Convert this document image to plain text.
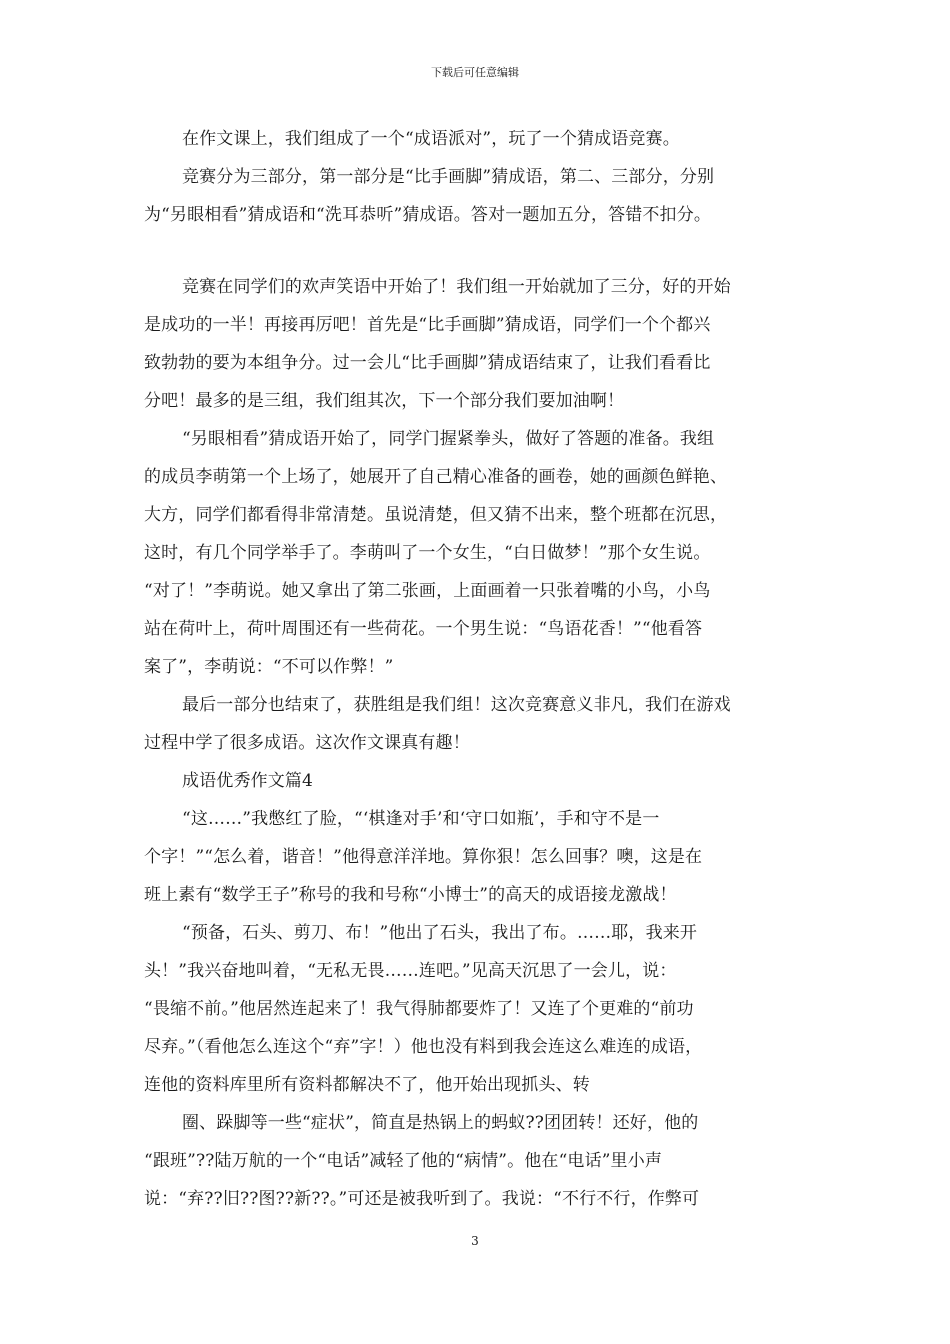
下载后可任意编辑
在作文课上，我们组成了一个“成语派对”，玩了一个猜成语竞赛。
竞赛分为三部分，第一部分是“比手画脚”猜成语，第二、三部分，分别
为“另眼相看”猜成语和“洗耳恭听”猜成语。答对一题加五分，答错不扣分。
竞赛在同学们的欢声笑语中开始了！我们组一开始就加了三分，好的开始
是成功的一半！再接再厉吧！首先是“比手画脚”猜成语，同学们一个个都兴
致勃勃的要为本组争分。过一会儿“比手画脚”猜成语结束了，让我们看看比
分吧！最多的是三组，我们组其次，下一个部分我们要加油啊！
“另眼相看”猜成语开始了，同学门握紧拳头，做好了答题的准备。我组
的成员李萌第一个上场了，她展开了自己精心准备的画卷，她的画颜色鲜艳、
大方，同学们都看得非常清楚。虽说清楚，但又猜不出来，整个班都在沉思，
这时，有几个同学举手了。李萌叫了一个女生，“白日做梦！”那个女生说。
“对了！”李萌说。她又拿出了第二张画，上面画着一只张着嘴的小鸟，小鸟
站在荷叶上，荷叶周围还有一些荷花。一个男生说：“鸟语花香！”“他看答
案了”，李萌说：“不可以作弊！”
最后一部分也结束了，获胜组是我们组！这次竞赛意义非凡，我们在游戏
过程中学了很多成语。这次作文课真有趣！
成语优秀作文篇4
“这……”我憋红了脸，“‘棋逢对手’和‘守口如瓶’，手和守不是一
个字！”“怎么着，谐音！”他得意洋洋地。算你狠！怎么回事？噢，这是在
班上素有“数学王子”称号的我和号称“小博士”的高天的成语接龙激战！
“预备，石头、剪刀、布！”他出了石头，我出了布。……耶，我来开
头！”我兴奋地叫着，“无私无畏……连吧。”见高天沉思了一会儿，说：
“畏缩不前。”他居然连起来了！我气得肺都要炸了！又连了个更难的“前功
尽弃。”（看他怎么连这个“弃”字！）他也没有料到我会连这么难连的成语，
连他的资料库里所有资料都解决不了，他开始出现抓头、转
圈、跺脚等一些“症状”，简直是热锅上的蚂蚁??团团转！还好，他的
“跟班”??陆万航的一个“电话”减轻了他的“病情”。他在“电话”里小声
说：“弃??旧??图??新??。”可还是被我听到了。我说：“不行不行，作弊可
3
